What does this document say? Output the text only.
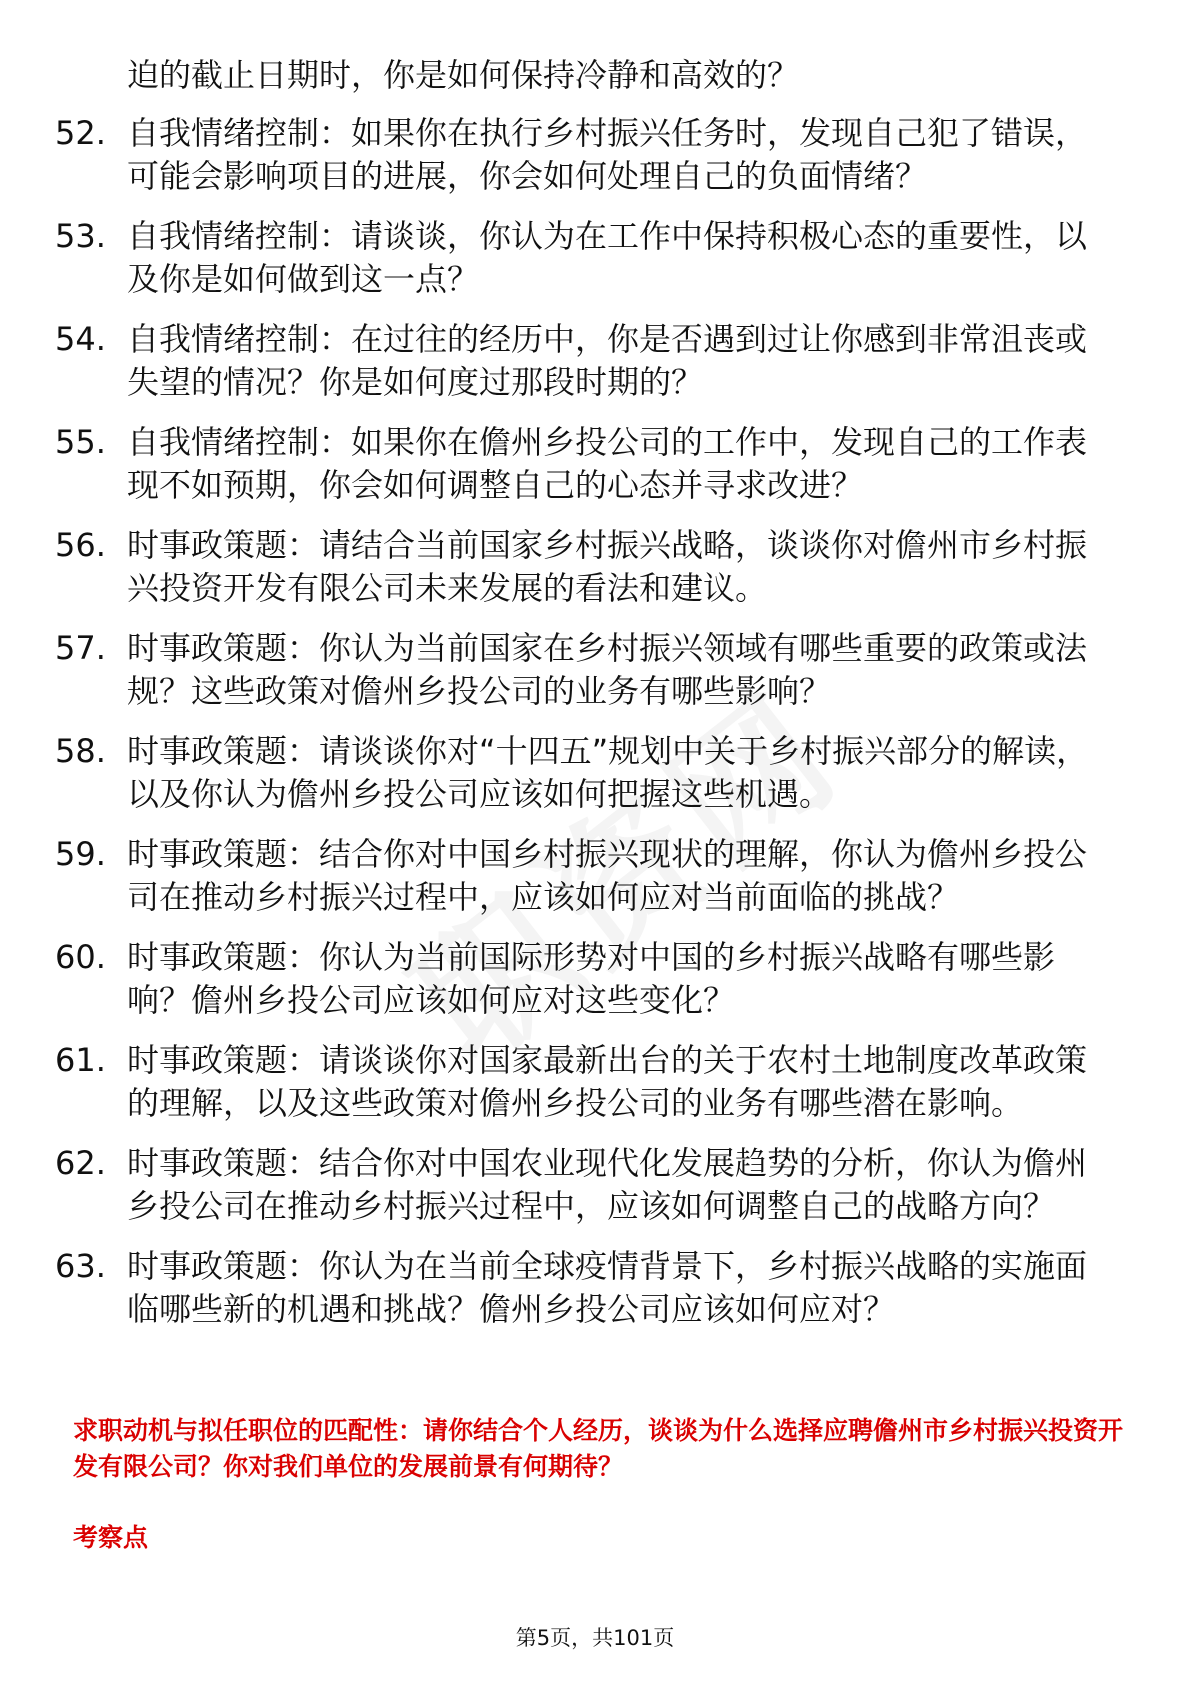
迫的截止日期时，你是如何保持冷静和高效的？
52. 自我情绪控制：如果你在执行乡村振兴任务时，发现自己犯了错误，可能会影响项目的进展，你会如何处理自己的负面情绪？
53. 自我情绪控制：请谈谈，你认为在工作中保持积极心态的重要性，以及你是如何做到这一点？
54. 自我情绪控制：在过往的经历中，你是否遇到过让你感到非常沮丧或失望的情况？你是如何度过那段时期的？
55. 自我情绪控制：如果你在儋州乡投公司的工作中，发现自己的工作表现不如预期，你会如何调整自己的心态并寻求改进？
56. 时事政策题：请结合当前国家乡村振兴战略，谈谈你对儋州市乡村振兴投资开发有限公司未来发展的看法和建议。
57. 时事政策题：你认为当前国家在乡村振兴领域有哪些重要的政策或法规？这些政策对儋州乡投公司的业务有哪些影响？
58. 时事政策题：请谈谈你对“十四五”规划中关于乡村振兴部分的解读，以及你认为儋州乡投公司应该如何把握这些机遇。
59. 时事政策题：结合你对中国乡村振兴现状的理解，你认为儋州乡投公司在推动乡村振兴过程中，应该如何应对当前面临的挑战？
60. 时事政策题：你认为当前国际形势对中国的乡村振兴战略有哪些影响？儋州乡投公司应该如何应对这些变化？
61. 时事政策题：请谈谈你对国家最新出台的关于农村土地制度改革政策的理解，以及这些政策对儋州乡投公司的业务有哪些潜在影响。
62. 时事政策题：结合你对中国农业现代化发展趋势的分析，你认为儋州乡投公司在推动乡村振兴过程中，应该如何调整自己的战略方向？
63. 时事政策题：你认为在当前全球疫情背景下，乡村振兴战略的实施面临哪些新的机遇和挑战？儋州乡投公司应该如何应对？
求职动机与拟任职位的匹配性：请你结合个人经历，谈谈为什么选择应聘儋州市乡村振兴投资开发有限公司？你对我们单位的发展前景有何期待？
考察点
第5页，共101页
